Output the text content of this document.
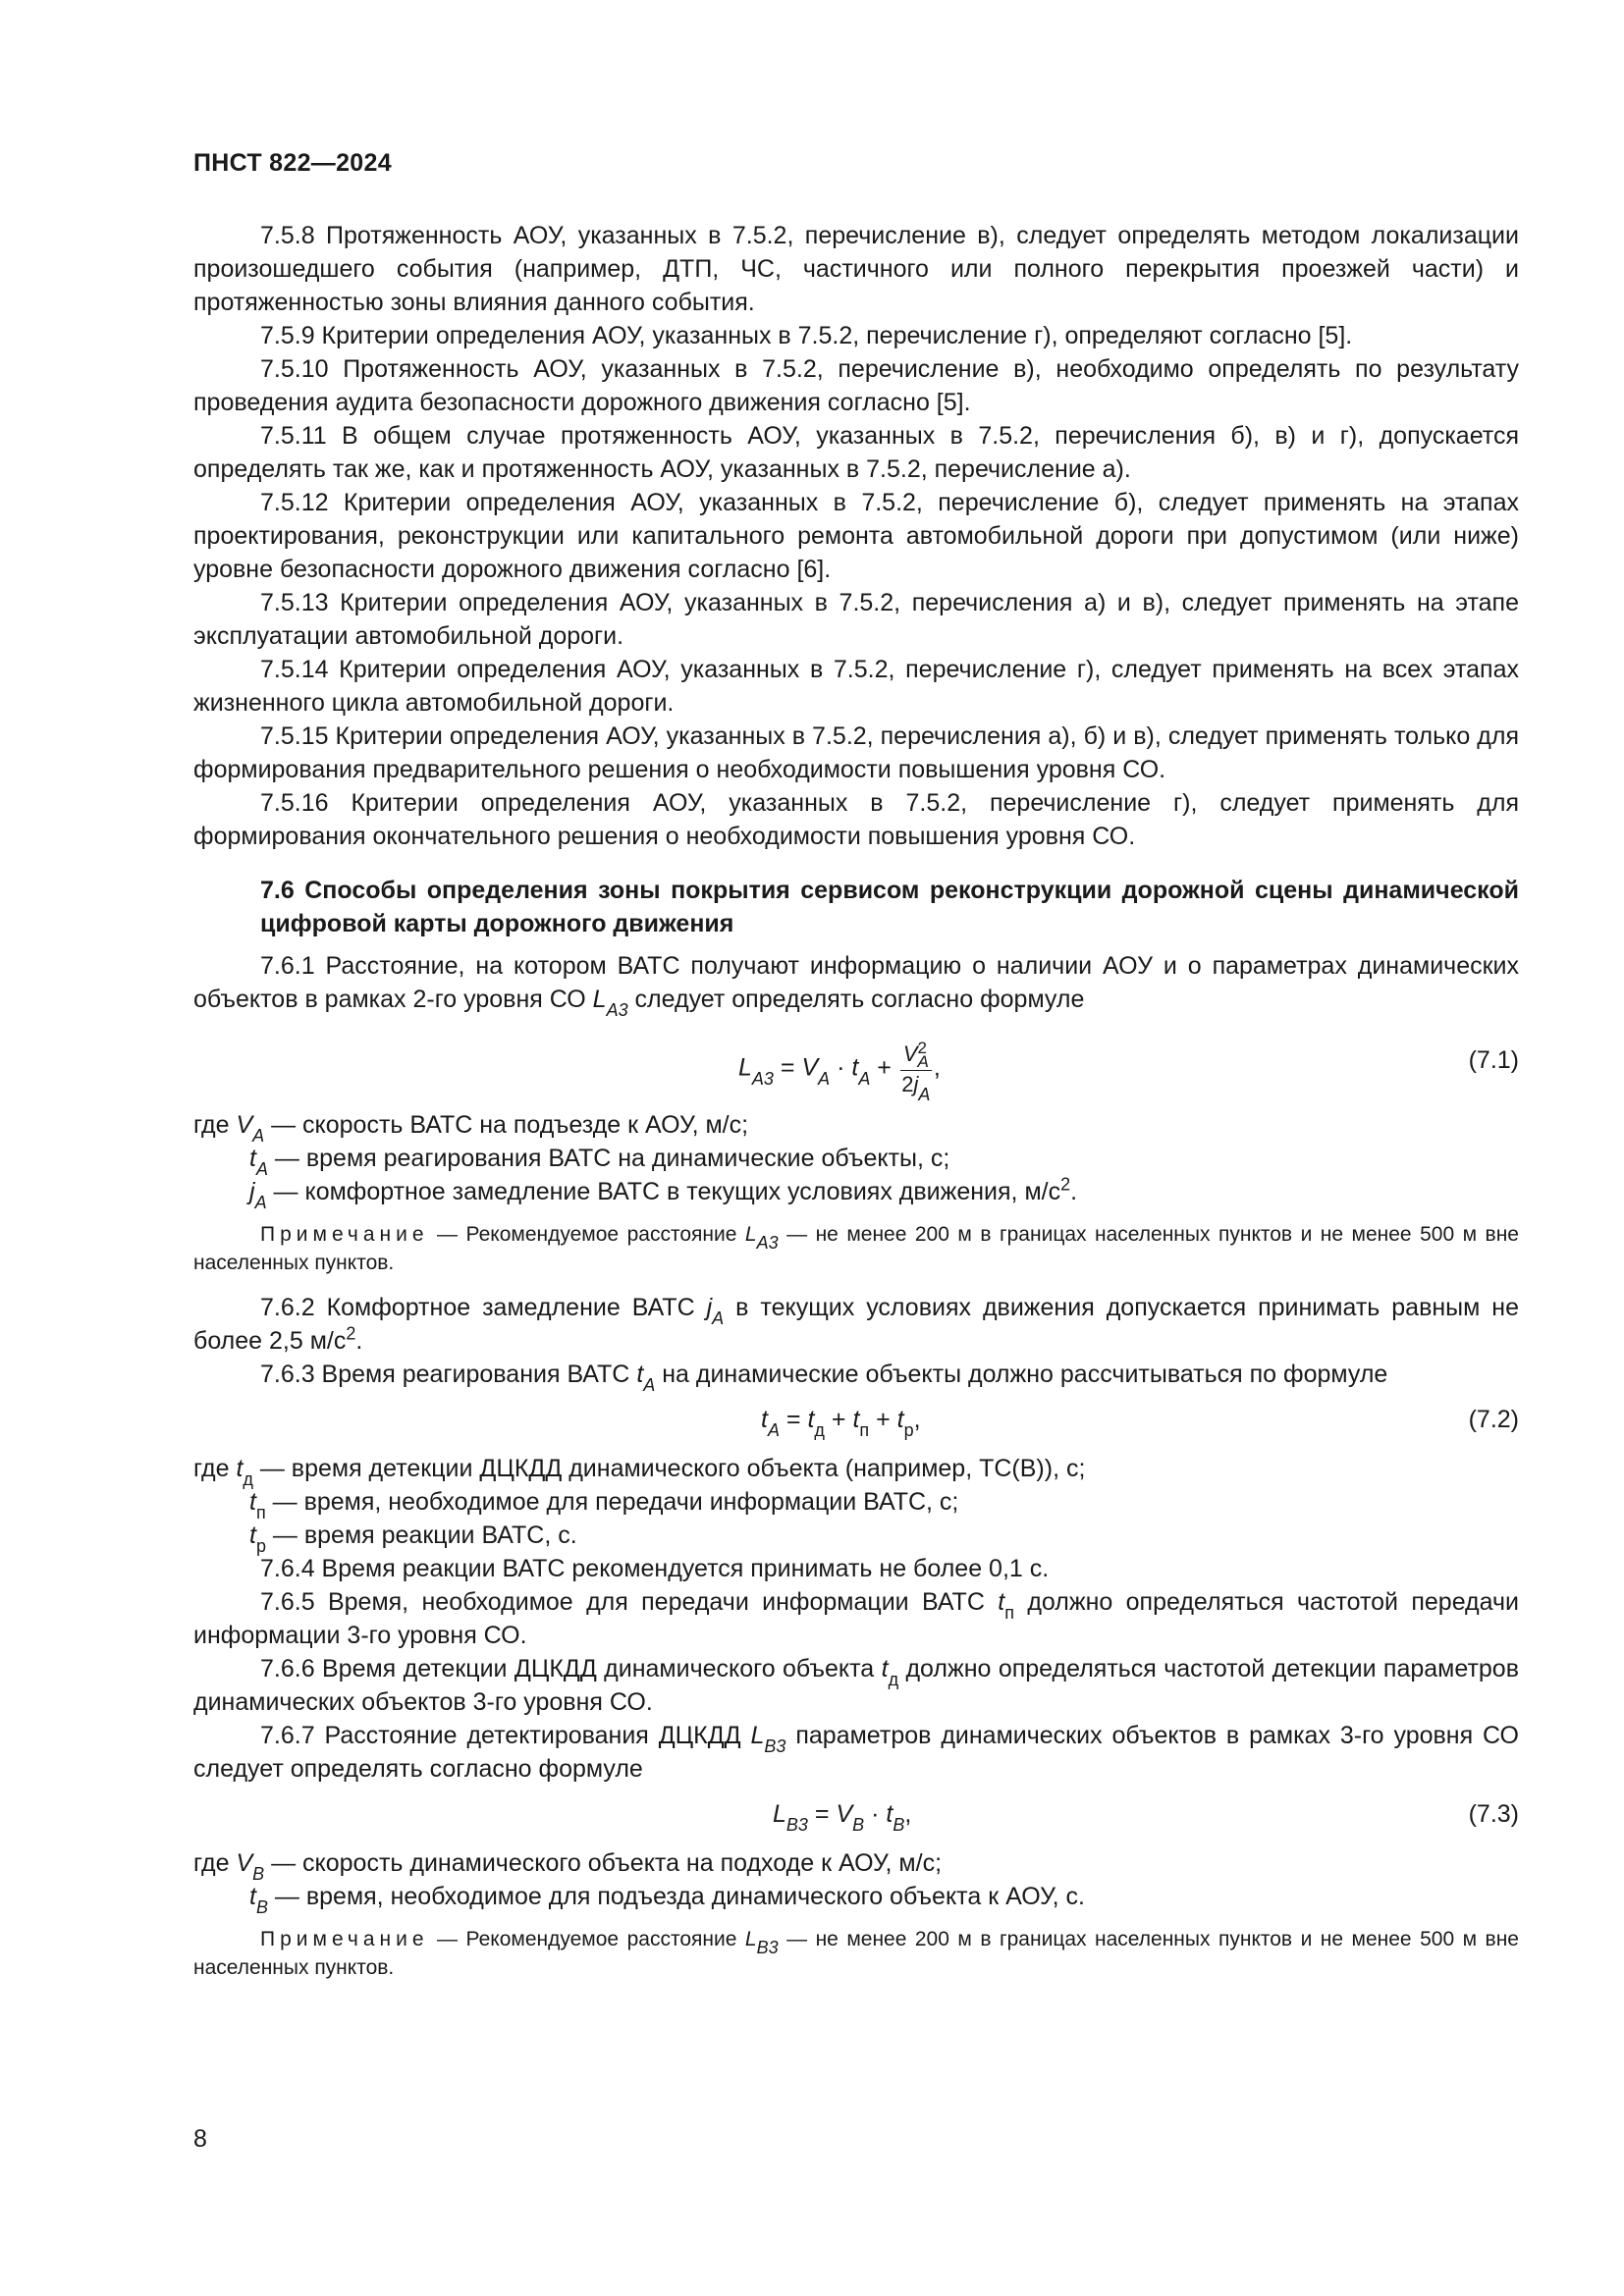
ПНСТ 822—2024

7.5.8 Протяженность АОУ, указанных в 7.5.2, перечисление в), следует определять методом локализации произошедшего события (например, ДТП, ЧС, частичного или полного перекрытия проезжей части) и протяженностью зоны влияния данного события.

7.5.9 Критерии определения АОУ, указанных в 7.5.2, перечисление г), определяют согласно [5].

7.5.10 Протяженность АОУ, указанных в 7.5.2, перечисление в), необходимо определять по результату проведения аудита безопасности дорожного движения согласно [5].

7.5.11 В общем случае протяженность АОУ, указанных в 7.5.2, перечисления б), в) и г), допускается определять так же, как и протяженность АОУ, указанных в 7.5.2, перечисление а).

7.5.12 Критерии определения АОУ, указанных в 7.5.2, перечисление б), следует применять на этапах проектирования, реконструкции или капитального ремонта автомобильной дороги при допустимом (или ниже) уровне безопасности дорожного движения согласно [6].

7.5.13 Критерии определения АОУ, указанных в 7.5.2, перечисления а) и в), следует применять на этапе эксплуатации автомобильной дороги.

7.5.14 Критерии определения АОУ, указанных в 7.5.2, перечисление г), следует применять на всех этапах жизненного цикла автомобильной дороги.

7.5.15 Критерии определения АОУ, указанных в 7.5.2, перечисления а), б) и в), следует применять только для формирования предварительного решения о необходимости повышения уровня СО.

7.5.16 Критерии определения АОУ, указанных в 7.5.2, перечисление г), следует применять для формирования окончательного решения о необходимости повышения уровня СО.

7.6 Способы определения зоны покрытия сервисом реконструкции дорожной сцены динамической цифровой карты дорожного движения

7.6.1 Расстояние, на котором ВАТС получают информацию о наличии АОУ и о параметрах динамических объектов в рамках 2-го уровня СО $L_{A3}$ следует определять согласно формуле

$L_{A3} = V_A \cdot t_A + V$ 2
A
$2j_A$ ,	(7.1)
где $V_A$ — скорость ВАТС на подъезде к АОУ, м/с;
$t_A$ — время реагирования ВАТС на динамические объекты, с;
$j_A$ — комфортное замедление ВАТС в текущих условиях движения, $м/с^2$.

Примечание — Рекомендуемое расстояние $L_{A3}$ — не менее 200 м в границах населенных пунктов и не менее 500 м вне населенных пунктов.

7.6.2 Комфортное замедление ВАТС $j_A$ в текущих условиях движения допускается принимать равным не более 2,5 $м/с^2$.

7.6.3 Время реагирования ВАТС $t_A$ на динамические объекты должно рассчитываться по формуле

$t_A = t_д + t_п + t_р$,	(7.2)
где $t_д$ — время детекции ДЦКДД динамического объекта (например, ТС(В)), с;
$t_п$ — время, необходимое для передачи информации ВАТС, с;
$t_р$ — время реакции ВАТС, с.

7.6.4 Время реакции ВАТС рекомендуется принимать не более 0,1 с.

7.6.5 Время, необходимое для передачи информации ВАТС $t_п$ должно определяться частотой передачи информации 3-го уровня СО.

7.6.6 Время детекции ДЦКДД динамического объекта $t_д$ должно определяться частотой детекции параметров динамических объектов 3-го уровня СО.

7.6.7 Расстояние детектирования ДЦКДД $L_{B3}$ параметров динамических объектов в рамках 3-го уровня СО следует определять согласно формуле

$L_{B3} = V_B \cdot t_B$,	(7.3)
где $V_B$ — скорость динамического объекта на подходе к АОУ, м/с;
$t_B$ — время, необходимое для подъезда динамического объекта к АОУ, с.

Примечание — Рекомендуемое расстояние $L_{B3}$ — не менее 200 м в границах населенных пунктов и не менее 500 м вне населенных пунктов.

8
